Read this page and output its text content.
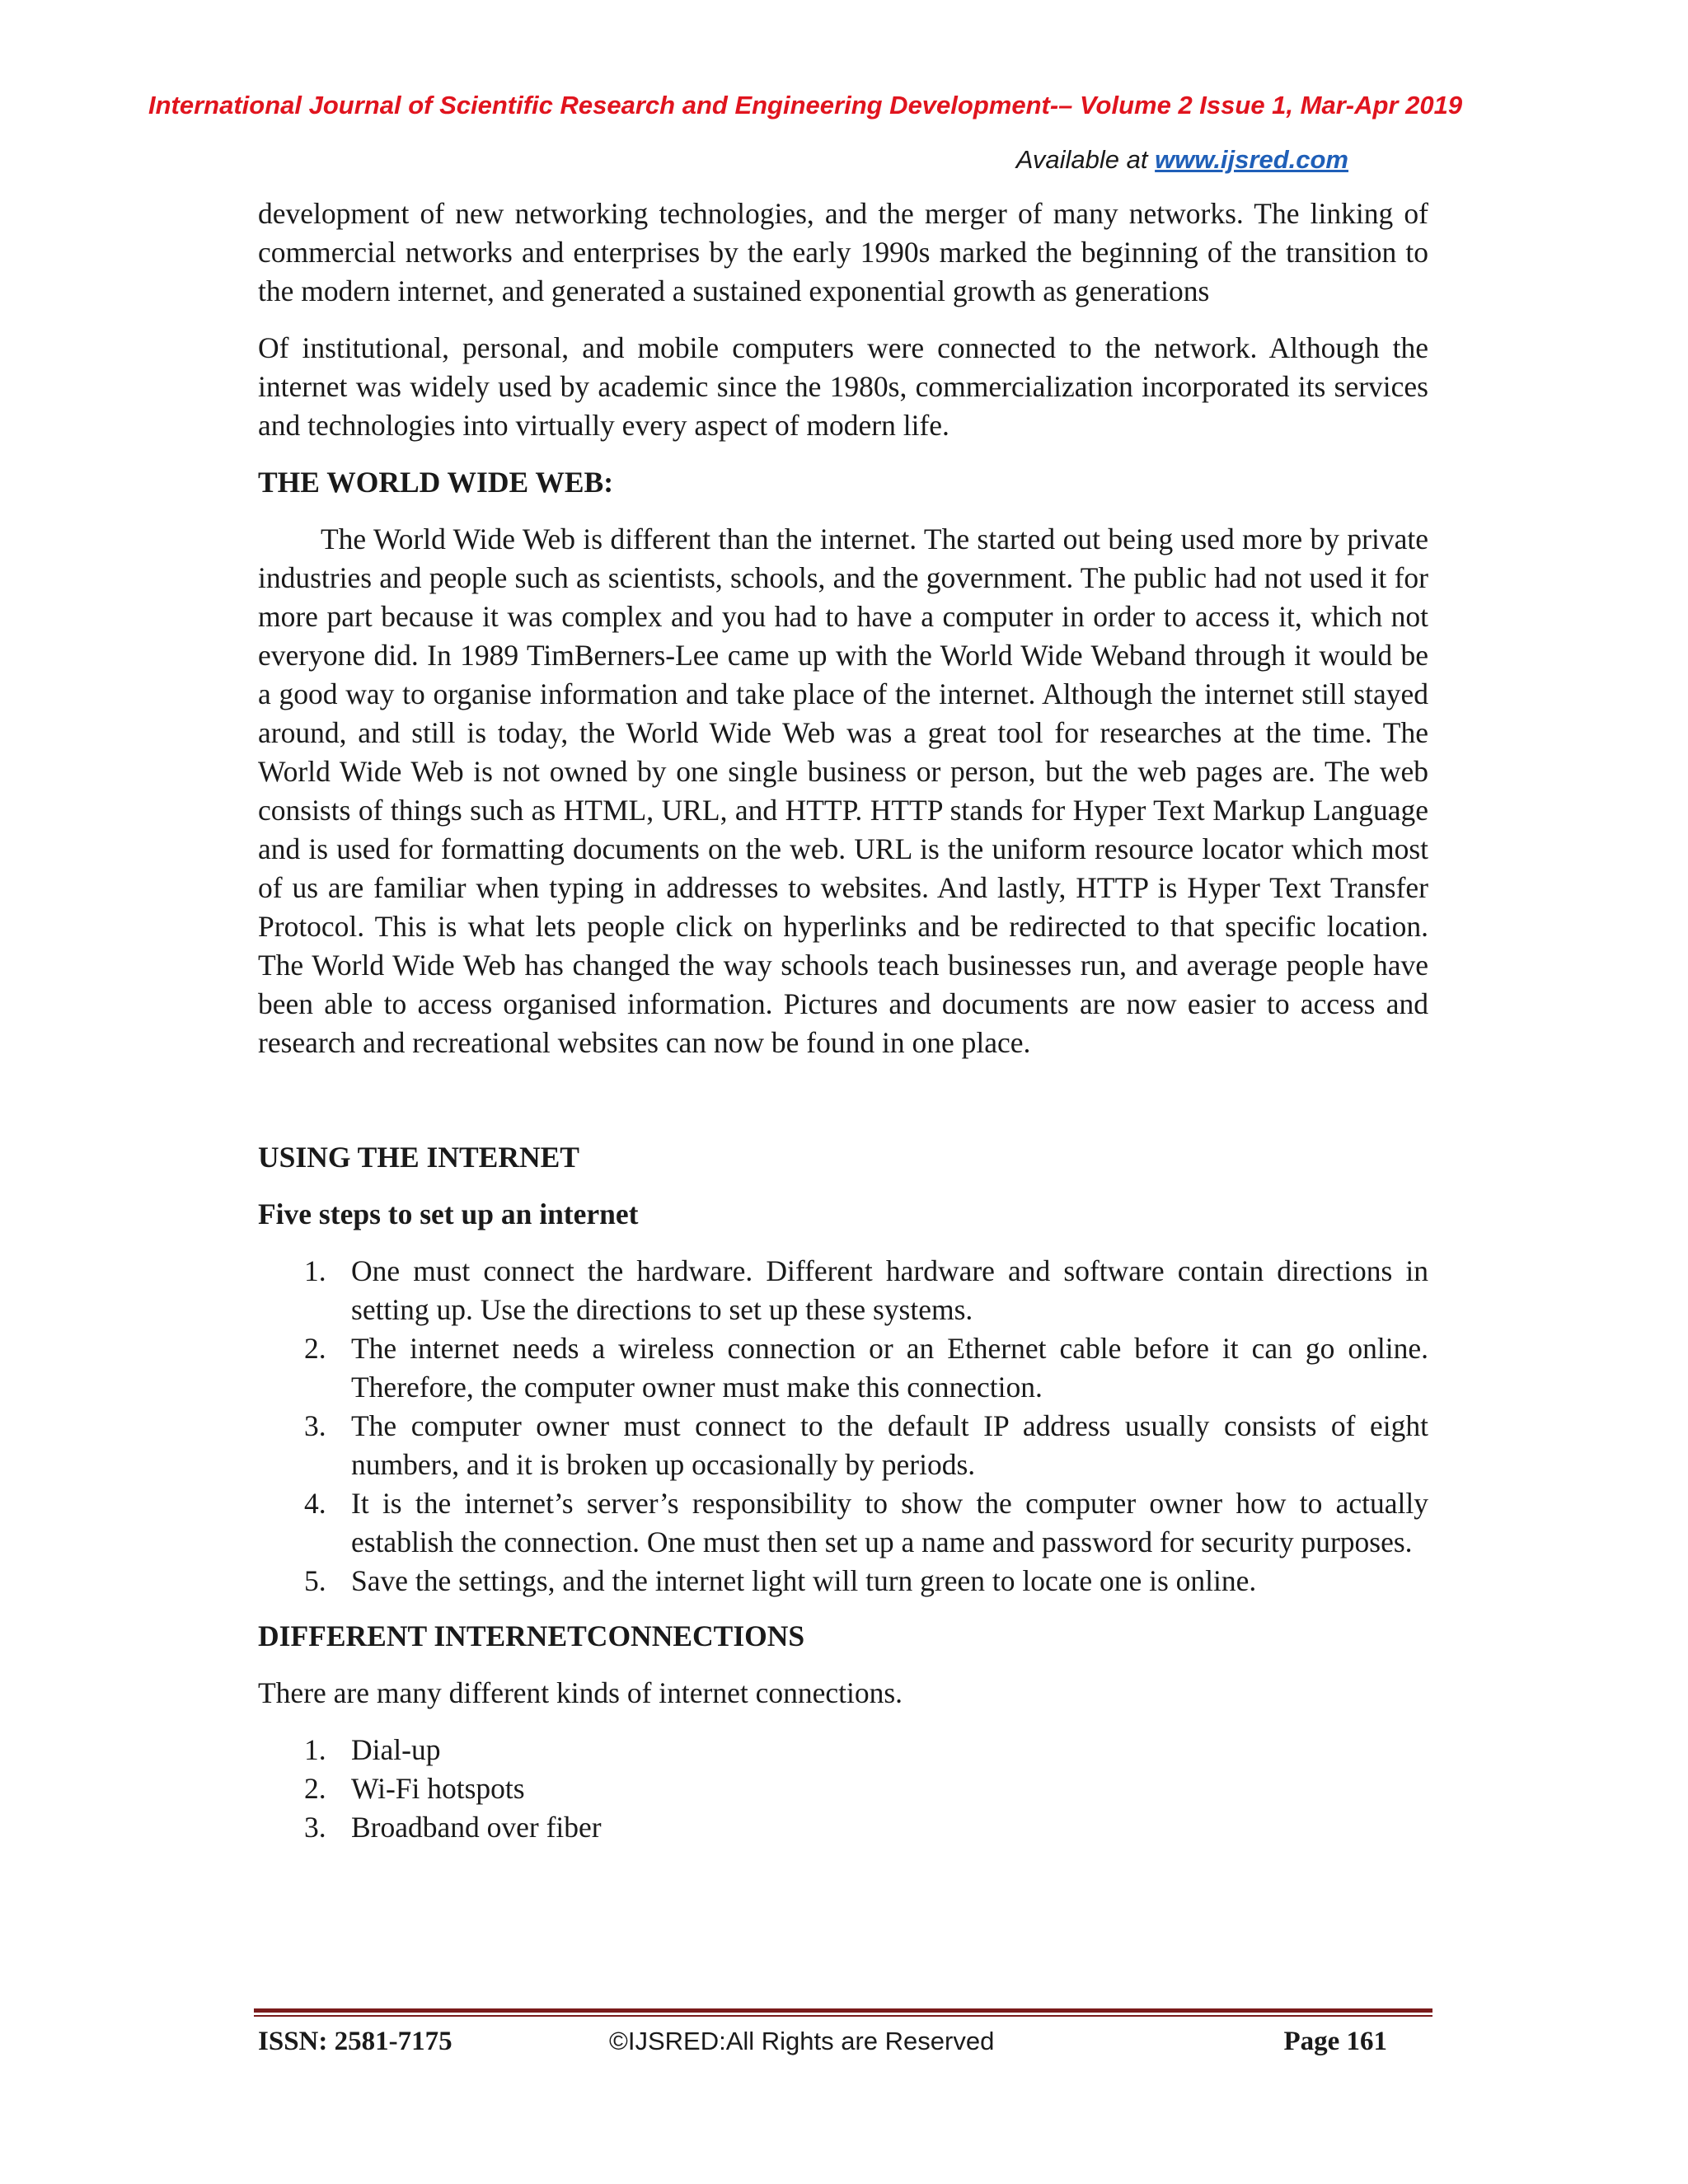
International Journal of Scientific Research and Engineering Development-– Volume 2 Issue 1, Mar-Apr 2019
Available at www.ijsred.com

development of new networking technologies, and the merger of many networks. The linking of commercial networks and enterprises by the early 1990s marked the beginning of the transition to the modern internet, and generated a sustained exponential growth as generations

Of institutional, personal, and mobile computers were connected to the network. Although the internet was widely used by academic since the 1980s, commercialization incorporated its services and technologies into virtually every aspect of modern life.

THE WORLD WIDE WEB:

The World Wide Web is different than the internet. The started out being used more by private industries and people such as scientists, schools, and the government. The public had not used it for more part because it was complex and you had to have a computer in order to access it, which not everyone did. In 1989 TimBerners-Lee came up with the World Wide Weband through it would be a good way to organise information and take place of the internet. Although the internet still stayed around, and still is today, the World Wide Web was a great tool for researches at the time. The World Wide Web is not owned by one single business or person, but the web pages are. The web consists of things such as HTML, URL, and HTTP. HTTP stands for Hyper Text Markup Language and is used for formatting documents on the web. URL is the uniform resource locator which most of us are familiar when typing in addresses to websites. And lastly, HTTP is Hyper Text Transfer Protocol. This is what lets people click on hyperlinks and be redirected to that specific location. The World Wide Web has changed the way schools teach businesses run, and average people have been able to access organised information. Pictures and documents are now easier to access and research and recreational websites can now be found in one place.

USING THE INTERNET
Five steps to set up an internet
1. One must connect the hardware. Different hardware and software contain directions in setting up. Use the directions to set up these systems.
2. The internet needs a wireless connection or an Ethernet cable before it can go online. Therefore, the computer owner must make this connection.
3. The computer owner must connect to the default IP address usually consists of eight numbers, and it is broken up occasionally by periods.
4. It is the internet’s server’s responsibility to show the computer owner how to actually establish the connection. One must then set up a name and password for security purposes.
5. Save the settings, and the internet light will turn green to locate one is online.
DIFFERENT INTERNETCONNECTIONS

There are many different kinds of internet connections.

1. Dial-up
2. Wi-Fi hotspots
3. Broadband over fiber
ISSN: 2581-7175	©IJSRED:All Rights are Reserved	Page 161
